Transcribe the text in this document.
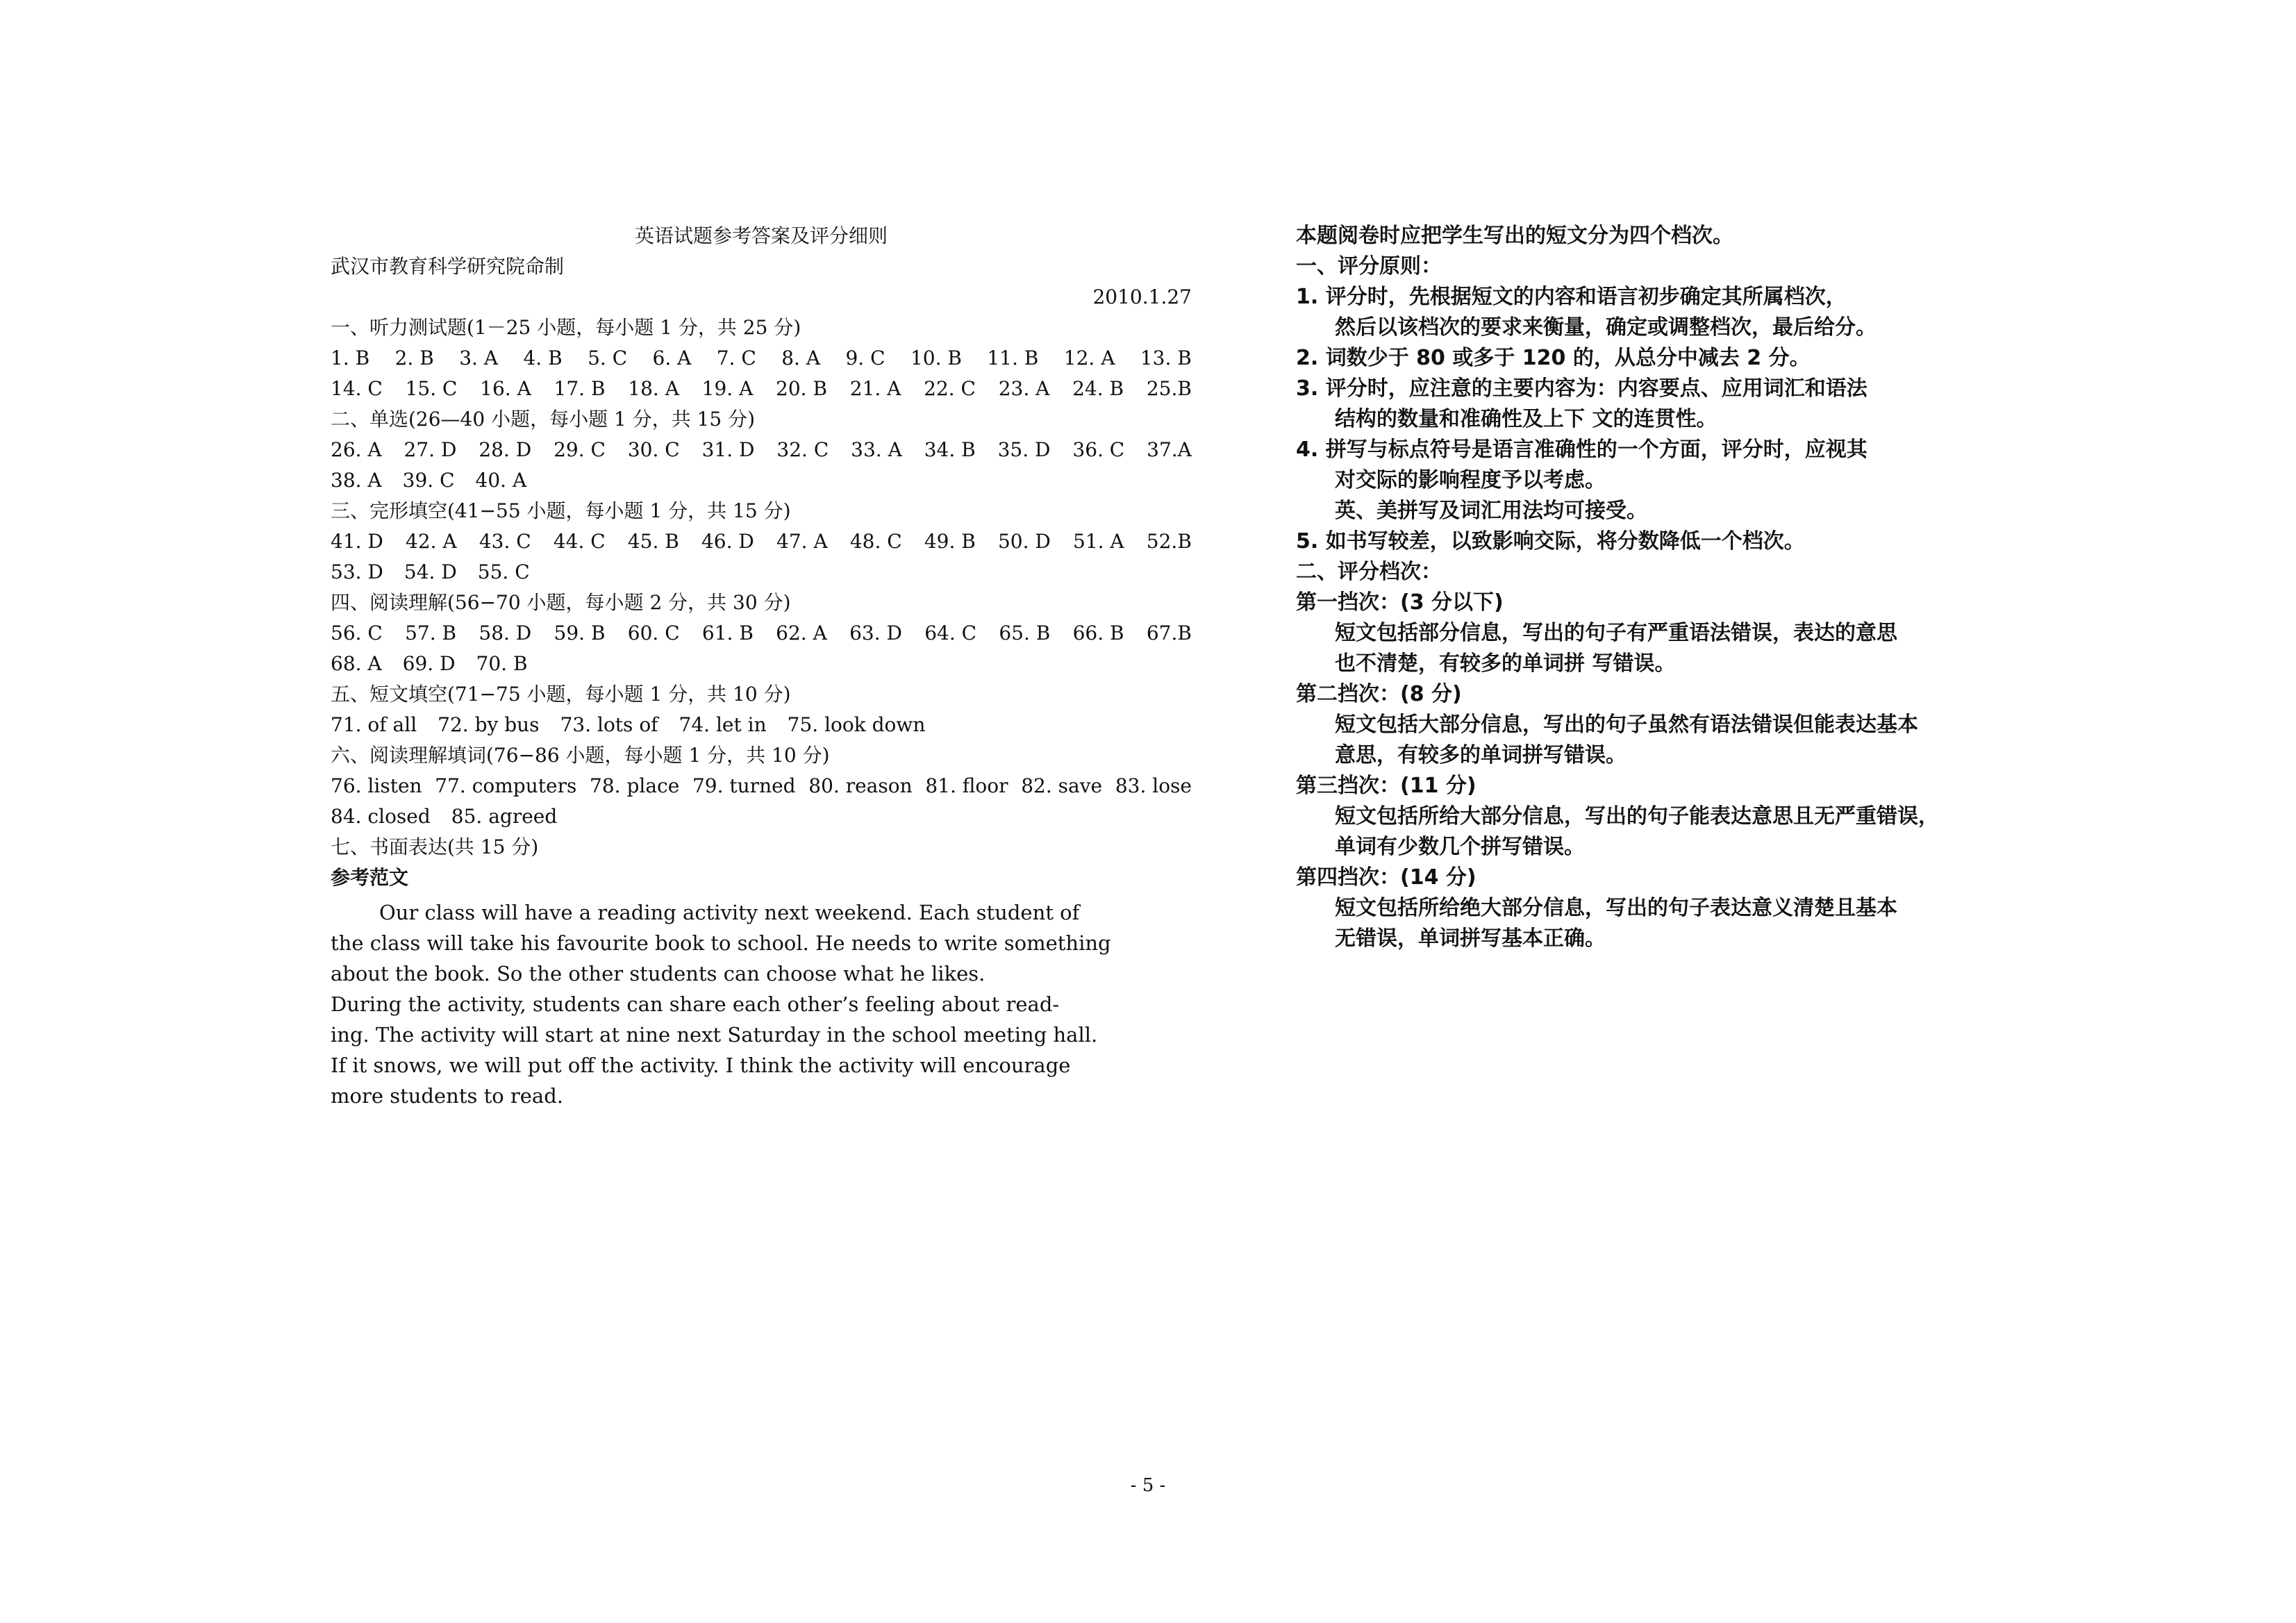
英语试题参考答案及评分细则
武汉市教育科学研究院命制
2010.1.27
一、听力测试题(1－25 小题，每小题 1 分，共 25 分)
1. B 2. B 3. A 4. B 5. C 6. A 7. C 8. A 9. C 10. B 11. B 12. A 13. B
14. C 15. C 16. A 17. B 18. A 19. A 20. B 21. A 22. C 23. A 24. B 25.B
二、单选(26—40 小题，每小题 1 分，共 15 分)
26. A 27. D 28. D 29. C 30. C 31. D 32. C 33. A 34. B 35. D 36. C 37.A
38. A 39. C 40. A
三、完形填空(41−55 小题，每小题 1 分，共 15 分)
41. D 42. A 43. C 44. C 45. B 46. D 47. A 48. C 49. B 50. D 51. A 52.B
53. D 54. D 55. C
四、阅读理解(56−70 小题，每小题 2 分，共 30 分)
56. C 57. B 58. D 59. B 60. C 61. B 62. A 63. D 64. C 65. B 66. B 67.B
68. A 69. D 70. B
五、短文填空(71−75 小题，每小题 1 分，共 10 分)
71. of all 72. by bus 73. lots of 74. let in 75. look down
六、阅读理解填词(76−86 小题，每小题 1 分，共 10 分)
76. listen 77. computers 78. place 79. turned 80. reason 81. floor 82. save 83. lose
84. closed 85. agreed
七、书面表达(共 15 分)
参考范文
Our class will have a reading activity next weekend. Each student of
the class will take his favourite book to school. He needs to write something
about the book. So the other students can choose what he likes.
During the activity, students can share each other’s feeling about read-
ing. The activity will start at nine next Saturday in the school meeting hall.
If it snows, we will put off the activity. I think the activity will encourage
more students to read.
本题阅卷时应把学生写出的短文分为四个档次。
一、评分原则：
1. 评分时，先根据短文的内容和语言初步确定其所属档次，
然后以该档次的要求来衡量，确定或调整档次，最后给分。
2. 词数少于 80 或多于 120 的，从总分中减去 2 分。
3. 评分时，应注意的主要内容为：内容要点、应用词汇和语法
结构的数量和准确性及上下 文的连贯性。
4. 拼写与标点符号是语言准确性的一个方面，评分时，应视其
对交际的影响程度予以考虑。
英、美拼写及词汇用法均可接受。
5. 如书写较差，以致影响交际，将分数降低一个档次。
二、评分档次：
第一挡次：(3 分以下)
短文包括部分信息，写出的句子有严重语法错误，表达的意思
也不清楚，有较多的单词拼 写错误。
第二挡次：(8 分)
短文包括大部分信息，写出的句子虽然有语法错误但能表达基本
意思，有较多的单词拼写错误。
第三挡次：(11 分)
短文包括所给大部分信息，写出的句子能表达意思且无严重错误，
单词有少数几个拼写错误。
第四挡次：(14 分)
短文包括所给绝大部分信息，写出的句子表达意义清楚且基本
无错误，单词拼写基本正确。
- 5 -
